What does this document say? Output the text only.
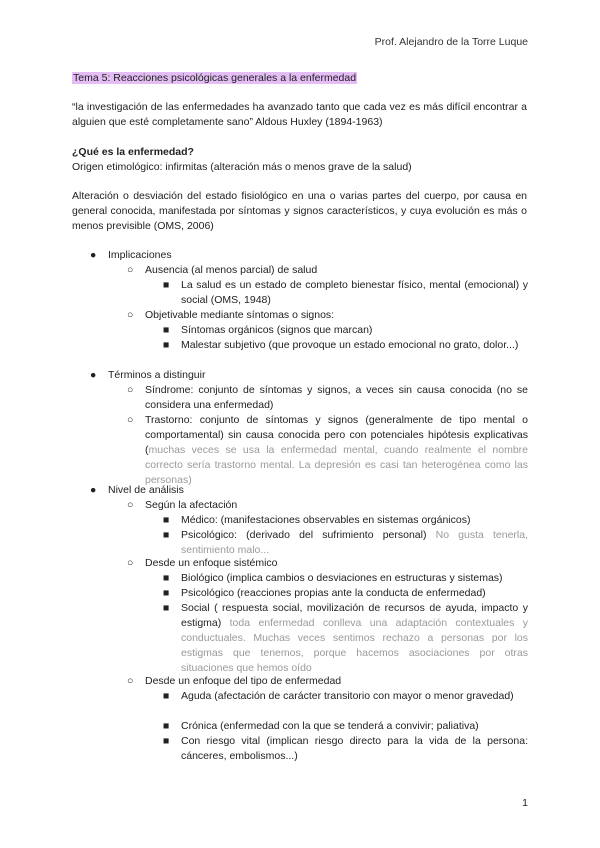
Prof. Alejandro de la Torre Luque
Tema 5: Reacciones psicológicas generales a la enfermedad
“la investigación de las enfermedades ha avanzado tanto que cada vez es más difícil encontrar a alguien que esté completamente sano” Aldous Huxley (1894-1963)
¿Qué es la enfermedad?
Origen etimológico: infirmitas (alteración más o menos grave de la salud)
Alteración o desviación del estado fisiológico en una o varias partes del cuerpo, por causa en general conocida, manifestada por síntomas y signos característicos, y cuya evolución es más o menos previsible (OMS, 2006)
● Implicaciones
○ Ausencia (al menos parcial) de salud
■ La salud es un estado de completo bienestar físico, mental (emocional) y social (OMS, 1948)
○ Objetivable mediante síntomas o signos:
■ Síntomas orgánicos (signos que marcan)
■ Malestar subjetivo (que provoque un estado emocional no grato, dolor...)
● Términos a distinguir
○ Síndrome: conjunto de síntomas y signos, a veces sin causa conocida (no se considera una enfermedad)
○ Trastorno: conjunto de síntomas y signos (generalmente de tipo mental o comportamental) sin causa conocida pero con potenciales hipótesis explicativas (muchas veces se usa la enfermedad mental, cuando realmente el nombre correcto sería trastorno mental. La depresión es casi tan heterogénea como las personas)
● Nivel de análisis
○ Según la afectación
■ Médico: (manifestaciones observables en sistemas orgánicos)
■ Psicológico: (derivado del sufrimiento personal) No gusta tenerla, sentimiento malo...
○ Desde un enfoque sistémico
■ Biológico (implica cambios o desviaciones en estructuras y sistemas)
■ Psicológico (reacciones propias ante la conducta de enfermedad)
■ Social ( respuesta social, movilización de recursos de ayuda, impacto y estigma) toda enfermedad conlleva una adaptación contextuales y conductuales. Muchas veces sentimos rechazo a personas por los estigmas que tenemos, porque hacemos asociaciones por otras situaciones que hemos oído
○ Desde un enfoque del tipo de enfermedad
■ Aguda (afectación de carácter transitorio con mayor o menor gravedad)
■ Crónica (enfermedad con la que se tenderá a convivir; paliativa)
■ Con riesgo vital (implican riesgo directo para la vida de la persona: cánceres, embolismos...)
1
